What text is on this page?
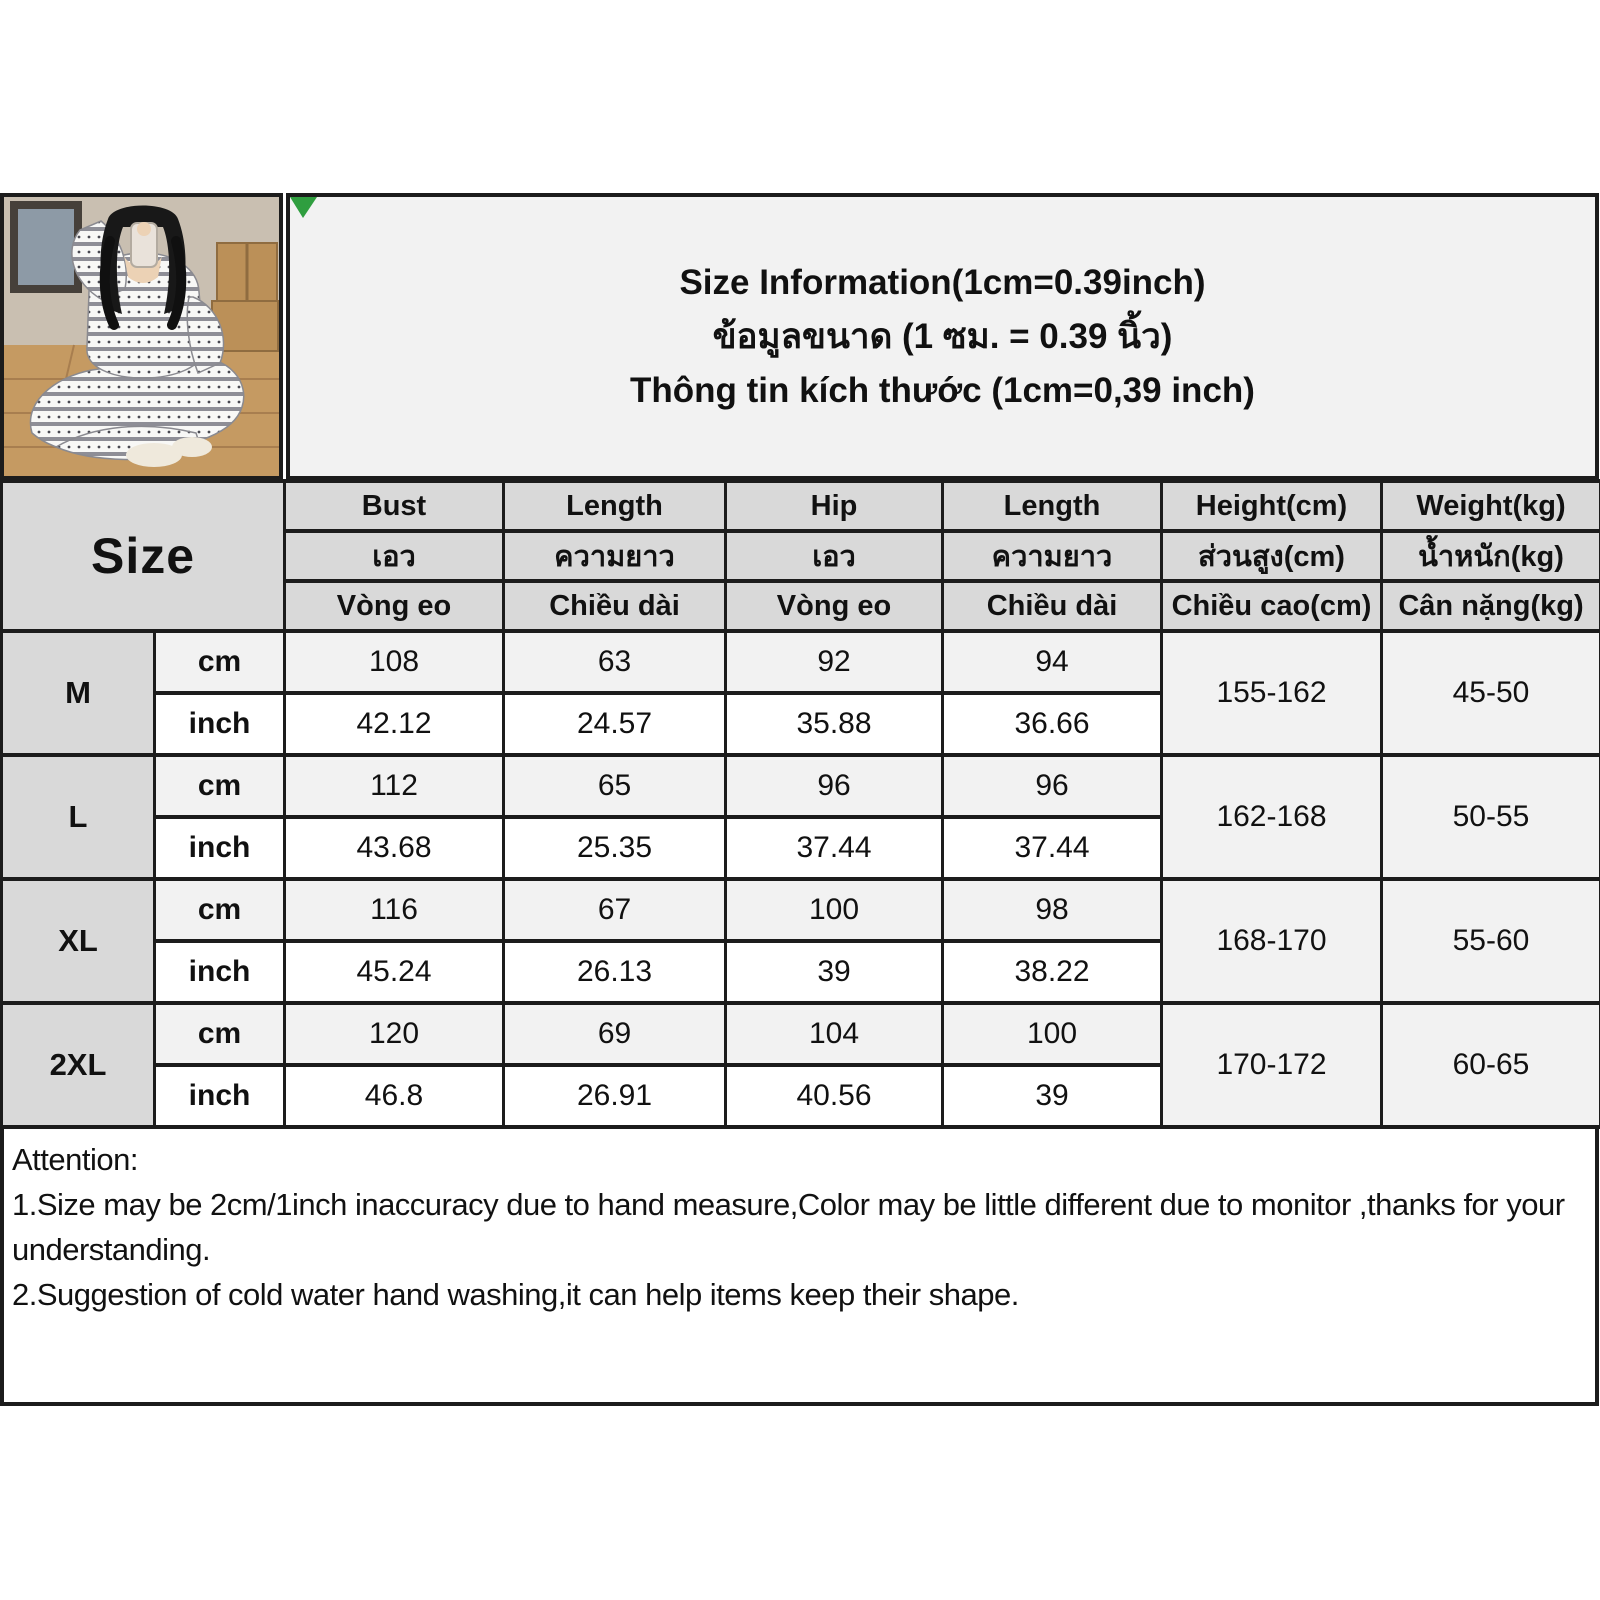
Size Information(1cm=0.39inch)
ข้อมูลขนาด (1 ซม. = 0.39 นิ้ว)
Thông tin kích thước (1cm=0,39 inch)
Size		Bust	Length	Hip	Length	Height(cm)	Weight(kg)
		เอว	ความยาว	เอว	ความยาว	ส่วนสูง(cm)	น้ำหนัก(kg)
		Vòng eo	Chiều dài	Vòng eo	Chiều dài	Chiều cao(cm)	Cân nặng(kg)
M	cm	108	63	92	94	155-162	45-50
	inch	42.12	24.57	35.88	36.66		
L	cm	112	65	96	96	162-168	50-55
	inch	43.68	25.35	37.44	37.44		
XL	cm	116	67	100	98	168-170	55-60
	inch	45.24	26.13	39	38.22		
2XL	cm	120	69	104	100	170-172	60-65
	inch	46.8	26.91	40.56	39		
Attention:
1.Size may be 2cm/1inch inaccuracy due to hand measure,Color may be little different due to monitor ,thanks for your understanding.
2.Suggestion of cold water hand washing,it can help items keep their shape.
